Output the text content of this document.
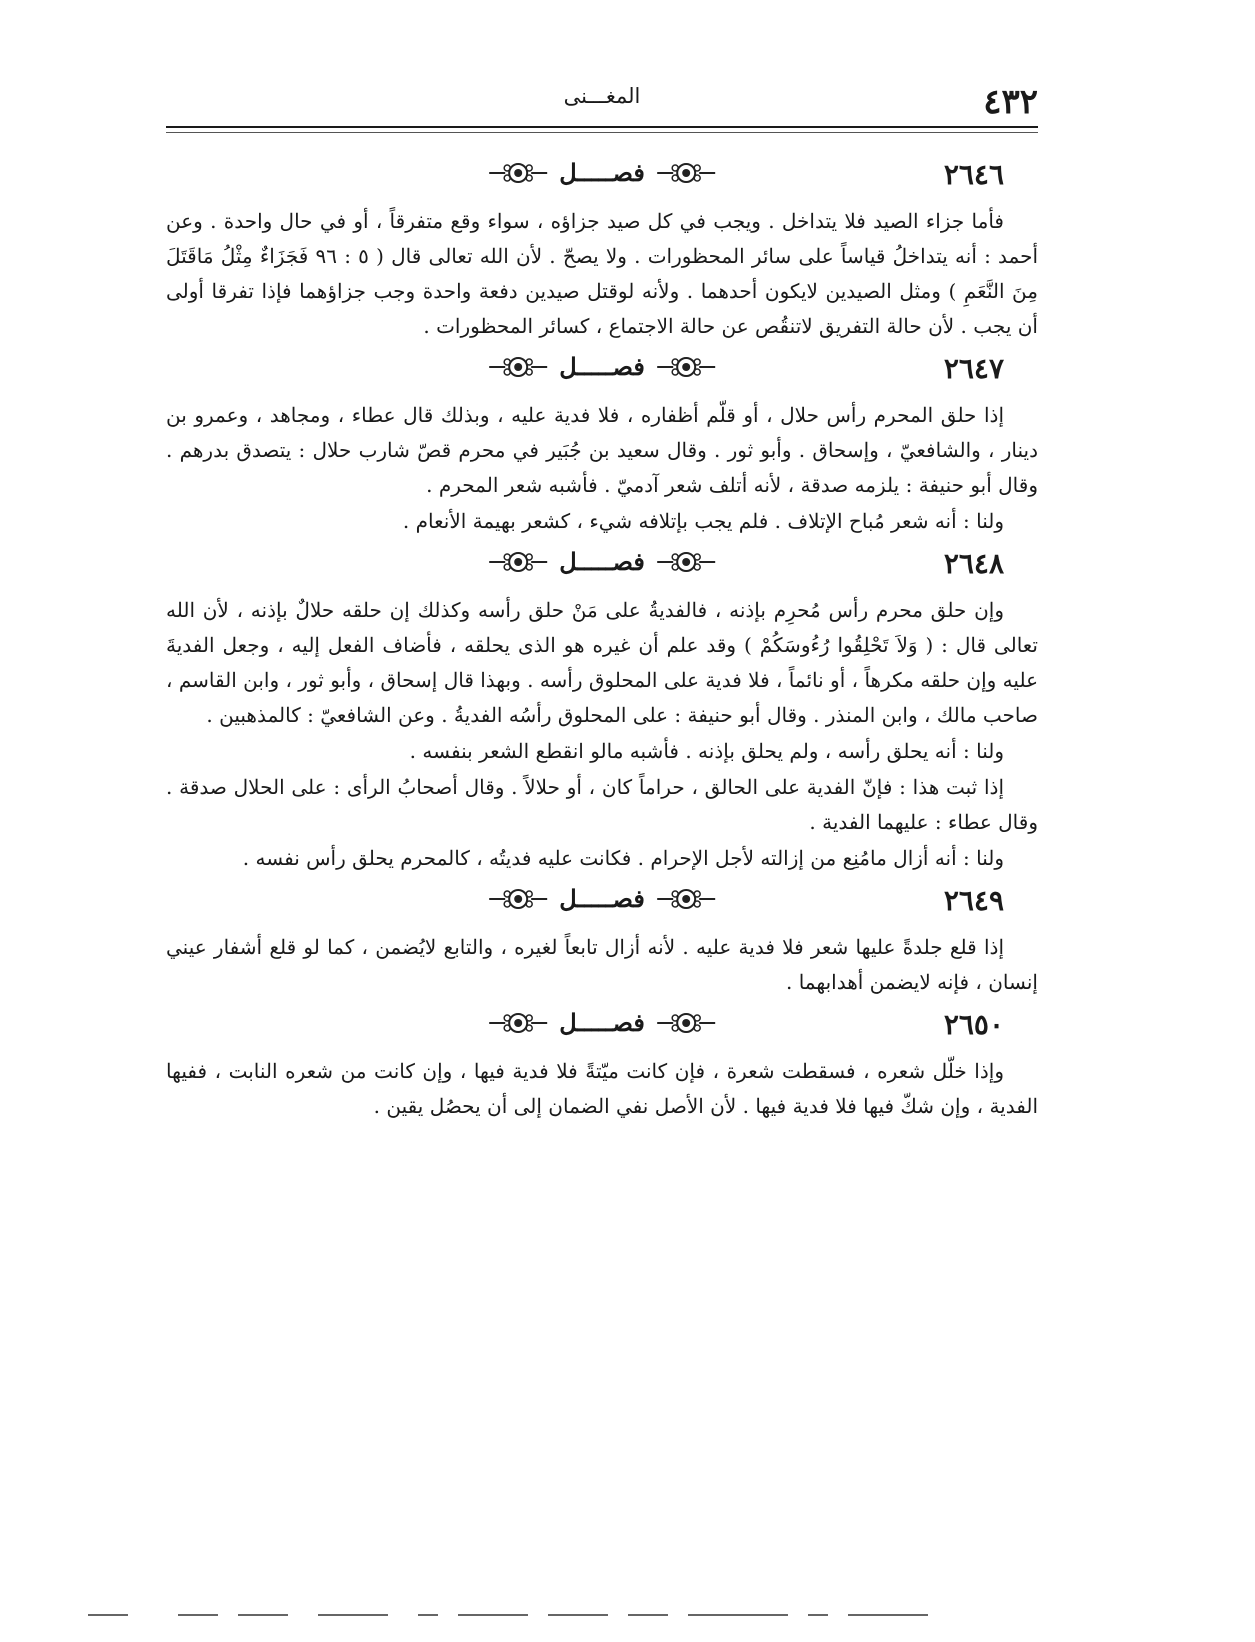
٤٣٢
المغـــنى
٢٦٤٦
فصـــــل

فأما جزاء الصيد فلا يتداخل . ويجب في كل صيد جزاؤه ، سواء وقع متفرقاً ، أو في حال واحدة . وعن أحمد : أنه يتداخلُ قياساً على سائر المحظورات . ولا يصحّ . لأن الله تعالى قال ( ٥ : ٩٦ فَجَزَاءٌ مِثْلُ مَاقَتَلَ مِنَ النَّعَمِ ) ومثل الصيدين لايكون أحدهما . ولأنه لوقتل صيدين دفعة واحدة وجب جزاؤهما فإذا تفرقا أولى أن يجب . لأن حالة التفريق لاتنقُص عن حالة الاجتماع ، كسائر المحظورات .

٢٦٤٧
فصـــــل

إذا حلق المحرم رأس حلال ، أو قلّم أظفاره ، فلا فدية عليه ، وبذلك قال عطاء ، ومجاهد ، وعمرو بن دينار ، والشافعيّ ، وإسحاق . وأبو ثور . وقال سعيد بن جُبَير في محرم قصّ شارب حلال : يتصدق بدرهم . وقال أبو حنيفة : يلزمه صدقة ، لأنه أتلف شعر آدميّ . فأشبه شعر المحرم .

ولنا : أنه شعر مُباح الإتلاف . فلم يجب بإتلافه شيء ، كشعر بهيمة الأنعام .

٢٦٤٨
فصـــــل

وإن حلق محرم رأس مُحرِم بإذنه ، فالفديةُ على مَنْ حلق رأسه وكذلك إن حلقه حلالٌ بإذنه ، لأن الله تعالى قال : ( وَلاَ تَحْلِقُوا رُءُوسَكُمْ ) وقد علم أن غيره هو الذى يحلقه ، فأضاف الفعل إليه ، وجعل الفديةَ عليه وإن حلقه مكرهاً ، أو نائماً ، فلا فدية على المحلوق رأسه . وبهذا قال إسحاق ، وأبو ثور ، وابن القاسم ، صاحب مالك ، وابن المنذر . وقال أبو حنيفة : على المحلوق رأسُه الفديةُ . وعن الشافعيّ : كالمذهبين .

ولنا : أنه يحلق رأسه ، ولم يحلق بإذنه . فأشبه مالو انقطع الشعر بنفسه .

إذا ثبت هذا : فإنّ الفدية على الحالق ، حراماً كان ، أو حلالاً . وقال أصحابُ الرأى : على الحلال صدقة . وقال عطاء : عليهما الفدية .

ولنا : أنه أزال مامُنِع من إزالته لأجل الإحرام . فكانت عليه فديتُه ، كالمحرم يحلق رأس نفسه .

٢٦٤٩
فصـــــل

إذا قلع جلدةً عليها شعر فلا فدية عليه . لأنه أزال تابعاً لغيره ، والتابع لايُضمن ، كما لو قلع أشفار عيني إنسان ، فإنه لايضمن أهدابهما .

٢٦٥٠
فصـــــل

وإذا خلّل شعره ، فسقطت شعرة ، فإن كانت ميّتةً فلا فدية فيها ، وإن كانت من شعره النابت ، ففيها الفدية ، وإن شكّ فيها فلا فدية فيها . لأن الأصل نفي الضمان إلى أن يحصُل يقين .
